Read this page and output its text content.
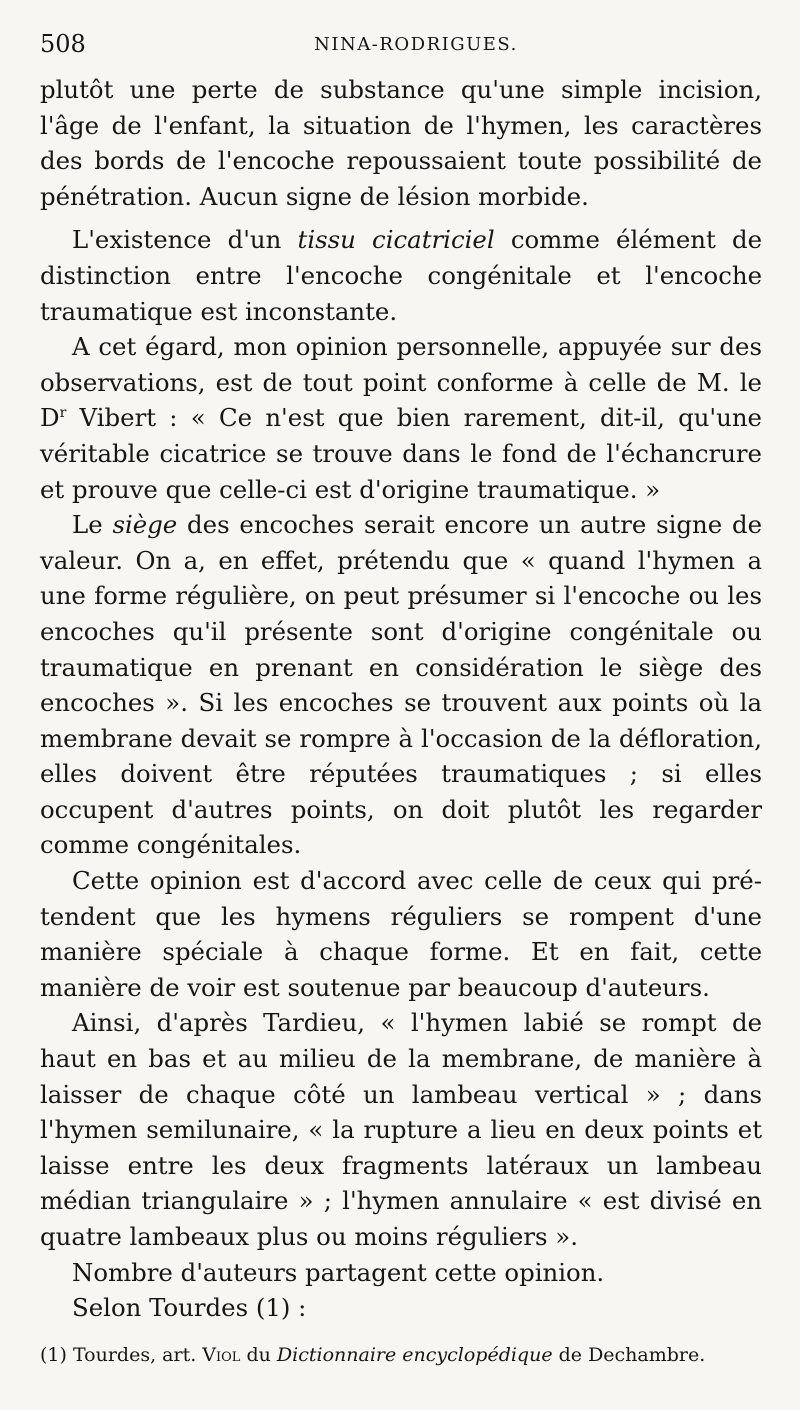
508	NINA-RODRIGUES.

plutôt une perte de substance qu'une simple incision, l'âge de l'enfant, la situation de l'hymen, les caractères des bords de l'encoche repoussaient toute possibilité de pénétration. Aucun signe de lésion morbide.

L'existence d'un tissu cicatriciel comme élément de distinction entre l'encoche congénitale et l'encoche traumatique est inconstante.

A cet égard, mon opinion personnelle, appuyée sur des observations, est de tout point conforme à celle de M. le $D^r$ Vibert : « Ce n'est que bien rarement, dit-il, qu'une véritable cicatrice se trouve dans le fond de l'échancrure et prouve que celle-ci est d'origine traumatique. »

Le siège des encoches serait encore un autre signe de valeur. On a, en effet, prétendu que « quand l'hymen a une forme régulière, on peut présumer si l'encoche ou les encoches qu'il présente sont d'origine congénitale ou traumatique en prenant en considération le siège des encoches ». Si les encoches se trouvent aux points où la membrane devait se rompre à l'occasion de la défloration, elles doivent être réputées traumatiques ; si elles occupent d'autres points, on doit plutôt les regarder comme congénitales.

Cette opinion est d'accord avec celle de ceux qui prétendent que les hymens réguliers se rompent d'une manière spéciale à chaque forme. Et en fait, cette manière de voir est soutenue par beaucoup d'auteurs.

Ainsi, d'après Tardieu, « l'hymen labié se rompt de haut en bas et au milieu de la membrane, de manière à laisser de chaque côté un lambeau vertical » ; dans l'hymen semilunaire, « la rupture a lieu en deux points et laisse entre les deux fragments latéraux un lambeau médian triangulaire » ; l'hymen annulaire « est divisé en quatre lambeaux plus ou moins réguliers ».

Nombre d'auteurs partagent cette opinion.

Selon Tourdes (1) :

(1) Tourdes, art. Viol du Dictionnaire encyclopédique de Dechambre.
